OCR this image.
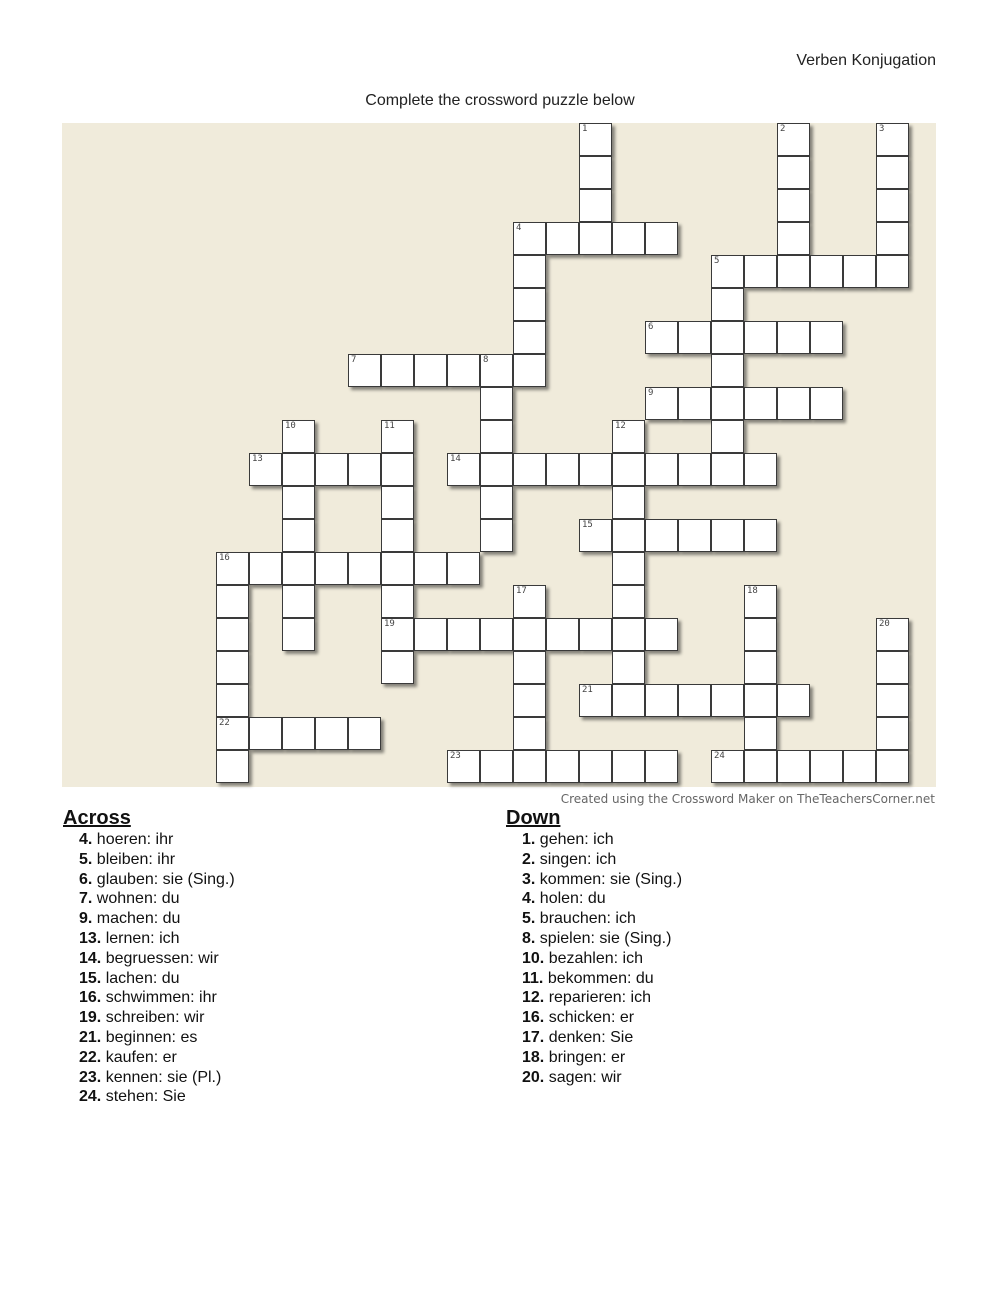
Verben Konjugation
Complete the crossword puzzle below
1	2	3
4
5
6
7	8
9
10	11	12
13	14
15
16
17	18
19	20
21
22
23	24
Created using the Crossword Maker on TheTeachersCorner.net
Across
4. hoeren: ihr
5. bleiben: ihr
6. glauben: sie (Sing.)
7. wohnen: du
9. machen: du
13. lernen: ich
14. begruessen: wir
15. lachen: du
16. schwimmen: ihr
19. schreiben: wir
21. beginnen: es
22. kaufen: er
23. kennen: sie (Pl.)
24. stehen: Sie
Down
1. gehen: ich
2. singen: ich
3. kommen: sie (Sing.)
4. holen: du
5. brauchen: ich
8. spielen: sie (Sing.)
10. bezahlen: ich
11. bekommen: du
12. reparieren: ich
16. schicken: er
17. denken: Sie
18. bringen: er
20. sagen: wir
